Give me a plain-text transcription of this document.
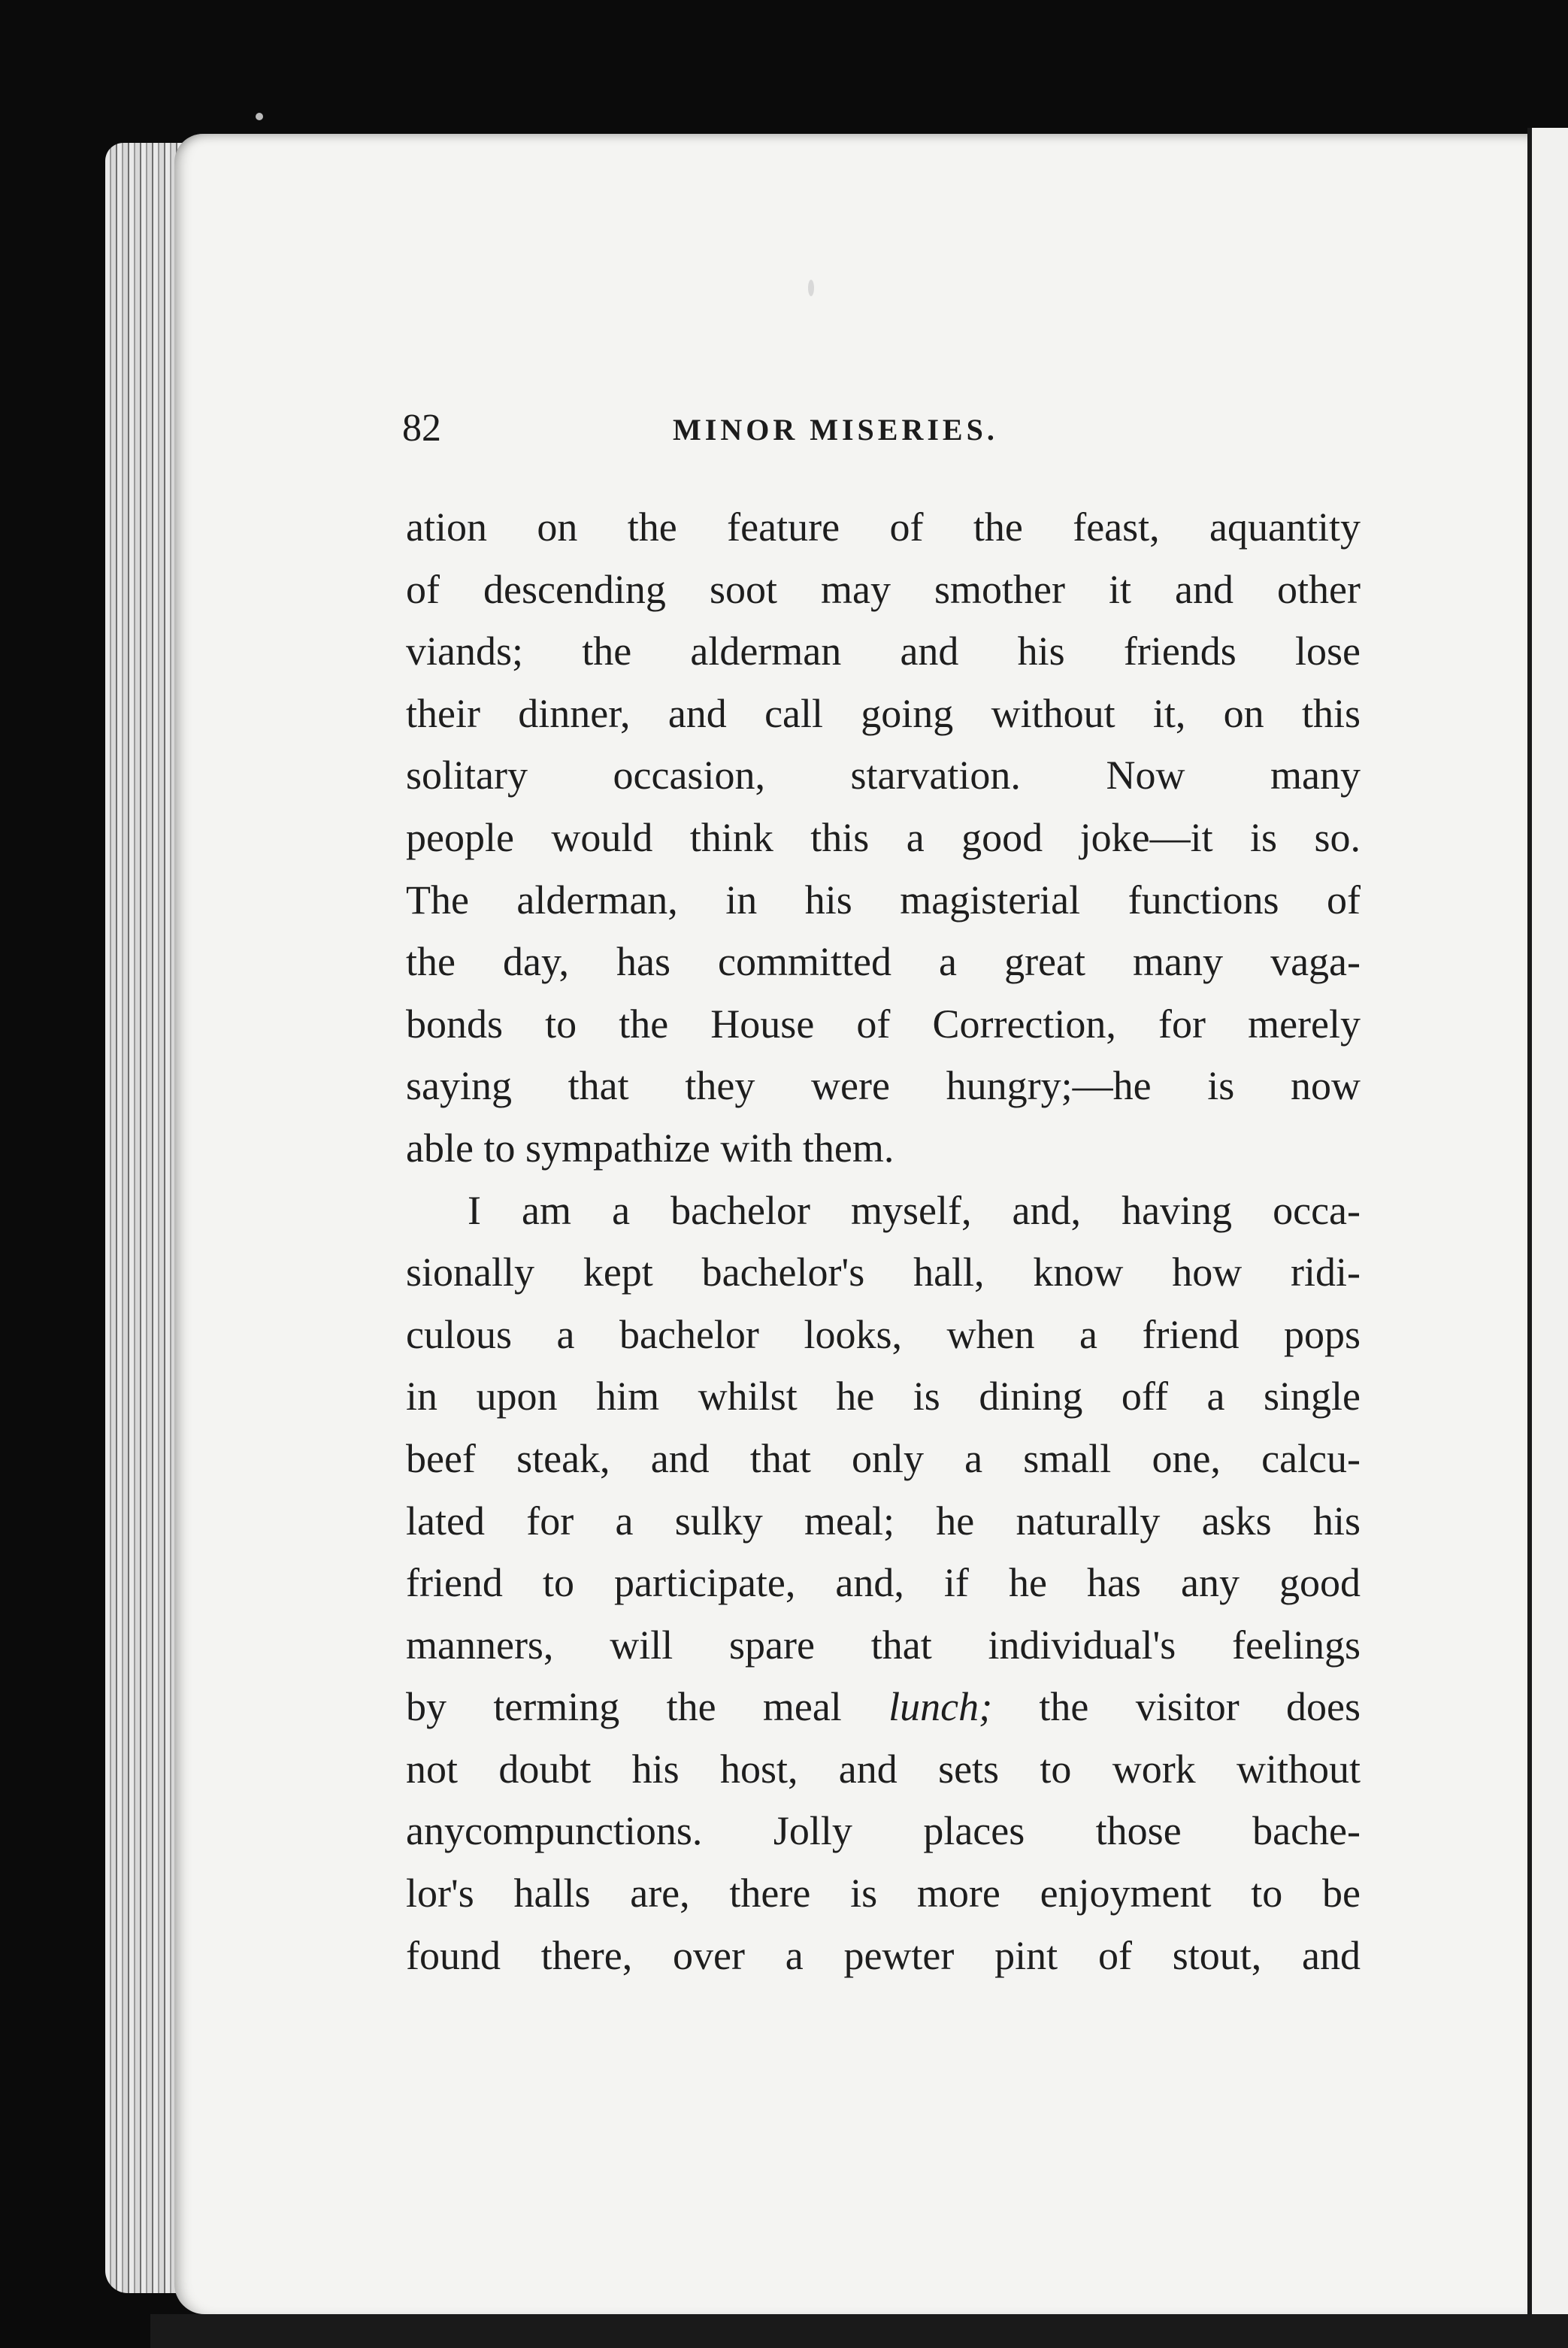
82	MINOR MISERIES.
ation on the feature of the feast, aquantity
of descending soot may smother it and other
viands; the alderman and his friends lose
their dinner, and call going without it, on this
solitary occasion, starvation. Now many
people would think this a good joke—it is so.
The alderman, in his magisterial functions of
the day, has committed a great many vaga-
bonds to the House of Correction, for merely
saying that they were hungry;—he is now
able to sympathize with them.
I am a bachelor myself, and, having occa-
sionally kept bachelor's hall, know how ridi-
culous a bachelor looks, when a friend pops
in upon him whilst he is dining off a single
beef steak, and that only a small one, calcu-
lated for a sulky meal; he naturally asks his
friend to participate, and, if he has any good
manners, will spare that individual's feelings
by terming the meal lunch; the visitor does
not doubt his host, and sets to work without
anycompunctions. Jolly places those bache-
lor's halls are, there is more enjoyment to be
found there, over a pewter pint of stout, and
